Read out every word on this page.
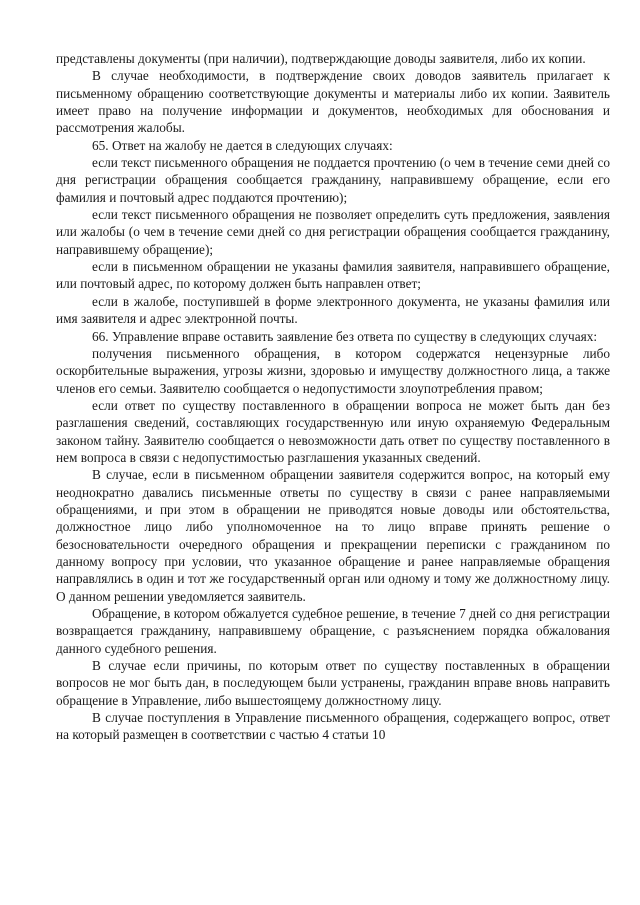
представлены документы (при наличии), подтверждающие доводы заявителя, либо их копии.

В случае необходимости, в подтверждение своих доводов заявитель прилагает к письменному обращению соответствующие документы и материалы либо их копии. Заявитель имеет право на получение информации и документов, необходимых для обоснования и рассмотрения жалобы.

65. Ответ на жалобу не дается в следующих случаях:

если текст письменного обращения не поддается прочтению (о чем в течение семи дней со дня регистрации обращения сообщается гражданину, направившему обращение, если его фамилия и почтовый адрес поддаются прочтению);

если текст письменного обращения не позволяет определить суть предложения, заявления или жалобы (о чем в течение семи дней со дня регистрации обращения сообщается гражданину, направившему обращение);

если в письменном обращении не указаны фамилия заявителя, направившего обращение, или почтовый адрес, по которому должен быть направлен ответ;

если в жалобе, поступившей в форме электронного документа, не указаны фамилия или имя заявителя и адрес электронной почты.

66. Управление вправе оставить заявление без ответа по существу в следующих случаях:

получения письменного обращения, в котором содержатся нецензурные либо оскорбительные выражения, угрозы жизни, здоровью и имуществу должностного лица, а также членов его семьи. Заявителю сообщается о недопустимости злоупотребления правом;

если ответ по существу поставленного в обращении вопроса не может быть дан без разглашения сведений, составляющих государственную или иную охраняемую Федеральным законом тайну. Заявителю сообщается о невозможности дать ответ по существу поставленного в нем вопроса в связи с недопустимостью разглашения указанных сведений.

В случае, если в письменном обращении заявителя содержится вопрос, на который ему неоднократно давались письменные ответы по существу в связи с ранее направляемыми обращениями, и при этом в обращении не приводятся новые доводы или обстоятельства, должностное лицо либо уполномоченное на то лицо вправе принять решение о безосновательности очередного обращения и прекращении переписки с гражданином по данному вопросу при условии, что указанное обращение и ранее направляемые обращения направлялись в один и тот же государственный орган или одному и тому же должностному лицу. О данном решении уведомляется заявитель.

Обращение, в котором обжалуется судебное решение, в течение 7 дней со дня регистрации возвращается гражданину, направившему обращение, с разъяснением порядка обжалования данного судебного решения.

В случае если причины, по которым ответ по существу поставленных в обращении вопросов не мог быть дан, в последующем были устранены, гражданин вправе вновь направить обращение в Управление, либо вышестоящему должностному лицу.

В случае поступления в Управление письменного обращения, содержащего вопрос, ответ на который размещен в соответствии с частью 4 статьи 10
